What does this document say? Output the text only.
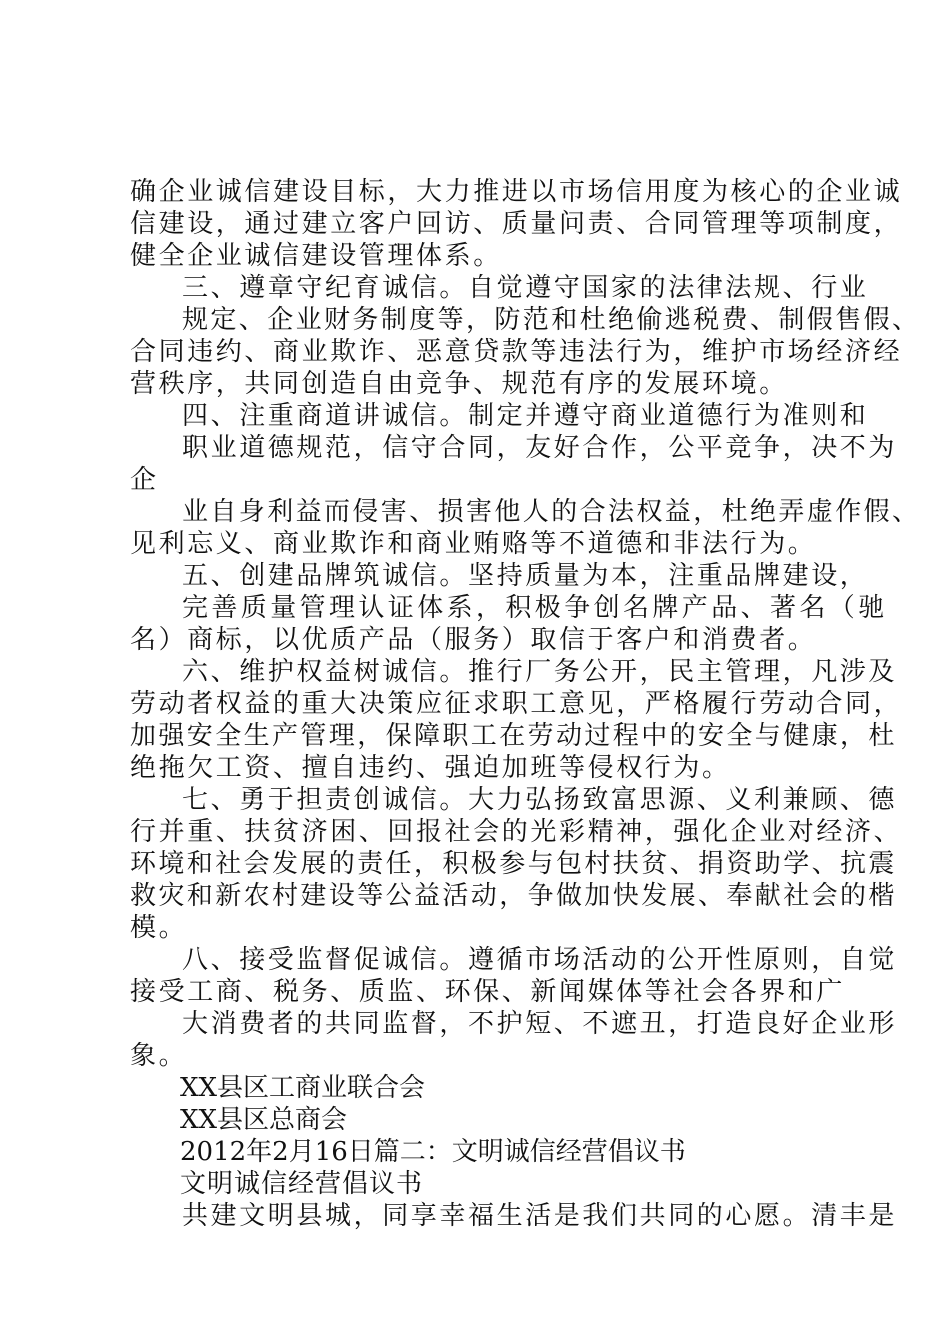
确企业诚信建设目标，大力推进以市场信用度为核心的企业诚
信建设，通过建立客户回访、质量问责、合同管理等项制度，
健全企业诚信建设管理体系。
三、遵章守纪育诚信。自觉遵守国家的法律法规、行业
规定、企业财务制度等，防范和杜绝偷逃税费、制假售假、
合同违约、商业欺诈、恶意贷款等违法行为，维护市场经济经
营秩序，共同创造自由竞争、规范有序的发展环境。
四、注重商道讲诚信。制定并遵守商业道德行为准则和
职业道德规范，信守合同，友好合作，公平竞争，决不为
企
业自身利益而侵害、损害他人的合法权益，杜绝弄虚作假、
见利忘义、商业欺诈和商业贿赂等不道德和非法行为。
五、创建品牌筑诚信。坚持质量为本，注重品牌建设，
完善质量管理认证体系，积极争创名牌产品、著名（驰
名）商标，以优质产品（服务）取信于客户和消费者。
六、维护权益树诚信。推行厂务公开，民主管理，凡涉及
劳动者权益的重大决策应征求职工意见，严格履行劳动合同，
加强安全生产管理，保障职工在劳动过程中的安全与健康，杜
绝拖欠工资、擅自违约、强迫加班等侵权行为。
七、勇于担责创诚信。大力弘扬致富思源、义利兼顾、德
行并重、扶贫济困、回报社会的光彩精神，强化企业对经济、
环境和社会发展的责任，积极参与包村扶贫、捐资助学、抗震
救灾和新农村建设等公益活动，争做加快发展、奉献社会的楷
模。
八、接受监督促诚信。遵循市场活动的公开性原则，自觉
接受工商、税务、质监、环保、新闻媒体等社会各界和广
大消费者的共同监督，不护短、不遮丑，打造良好企业形
象。
XX县区工商业联合会
XX县区总商会
2012年2月16日篇二：文明诚信经营倡议书
文明诚信经营倡议书
共建文明县城，同享幸福生活是我们共同的心愿。清丰是
